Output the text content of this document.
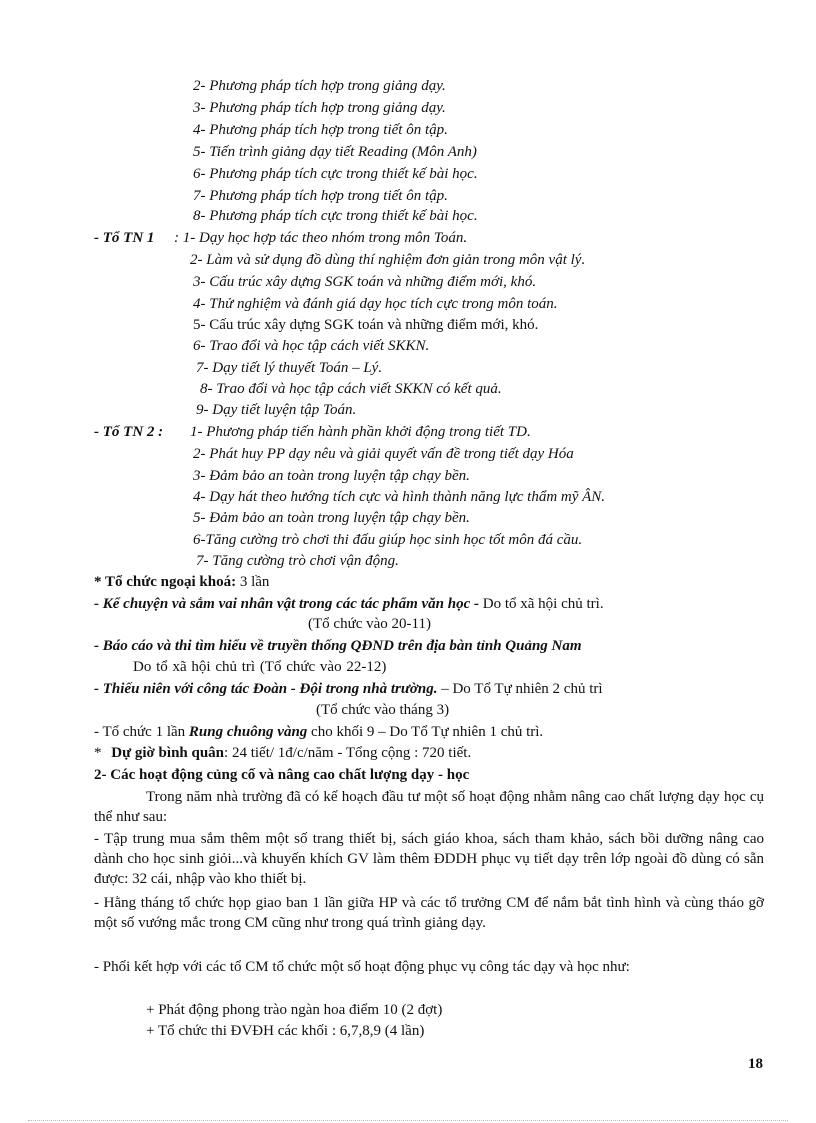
2- Phương pháp tích hợp trong giảng dạy.
3- Phương pháp tích hợp trong giảng dạy.
4- Phương pháp tích hợp trong tiết ôn tập.
5- Tiến trình giảng dạy tiết Reading (Môn Anh)
6- Phương pháp tích cực trong thiết kế bài học.
7- Phương pháp tích hợp trong tiết ôn tập.
8- Phương pháp tích cực trong thiết kế bài học.
- Tổ TN 1 : 1- Dạy học hợp tác theo nhóm trong môn Toán.
2- Làm và sử dụng đồ dùng thí nghiệm đơn giản trong môn vật lý.
3- Cấu trúc xây dựng SGK toán và những điểm mới, khó.
4- Thử nghiệm và đánh giá dạy học tích cực trong môn toán.
5- Cấu trúc xây dựng SGK toán và những điểm mới, khó.
6- Trao đổi và học tập cách viết SKKN.
7- Dạy tiết lý thuyết Toán – Lý.
8- Trao đổi và học tập cách viết SKKN có kết quả.
9- Dạy tiết luyện tập Toán.
- Tổ TN 2 : 1- Phương pháp tiến hành phần khởi động trong tiết TD.
2- Phát huy PP dạy nêu và giải quyết vấn đề trong tiết dạy Hóa
3- Đảm bảo an toàn trong luyện tập chạy bền.
4- Dạy hát theo hướng tích cực và hình thành năng lực thẩm mỹ ÂN.
5- Đảm bảo an toàn trong luyện tập chạy bền.
6-Tăng cường trò chơi thi đấu giúp học sinh học tốt môn đá cầu.
7- Tăng cường trò chơi vận động.
* Tổ chức ngoại khoá: 3 lần
- Kể chuyện và sắm vai nhân vật trong các tác phẩm văn học - Do tổ xã hội chủ trì.
(Tổ chức vào 20-11)
- Báo cáo và thi tìm hiểu về truyền thống QĐND trên địa bàn tỉnh Quảng Nam
Do tổ xã hội chủ trì (Tổ chức vào 22-12)
- Thiếu niên với công tác Đoàn - Đội trong nhà trường. – Do Tổ Tự nhiên 2 chủ trì
(Tổ chức vào tháng 3)
- Tổ chức 1 lần Rung chuông vàng cho khối 9 – Do Tổ Tự nhiên 1 chủ trì.
* Dự giờ bình quân: 24 tiết/ 1đ/c/năm - Tổng cộng : 720 tiết.
2- Các hoạt động củng cố và nâng cao chất lượng dạy - học
Trong năm nhà trường đã có kế hoạch đầu tư một số hoạt động nhằm nâng cao chất lượng dạy học cụ thể như sau:
- Tập trung mua sắm thêm một số trang thiết bị, sách giáo khoa, sách tham khảo, sách bồi dưỡng nâng cao dành cho học sinh giỏi...và khuyến khích GV làm thêm ĐDDH phục vụ tiết dạy trên lớp ngoài đồ dùng có sẵn được: 32 cái, nhập vào kho thiết bị.
- Hằng tháng tổ chức họp giao ban 1 lần giữa HP và các tổ trưởng CM để nắm bắt tình hình và cùng tháo gỡ một số vướng mắc trong CM cũng như trong quá trình giảng dạy.
- Phối kết hợp với các tổ CM tổ chức một số hoạt động phục vụ công tác dạy và học như:
+ Phát động phong trào ngàn hoa điểm 10 (2 đợt)
+ Tổ chức thi ĐVĐH các khối : 6,7,8,9 (4 lần)
18
